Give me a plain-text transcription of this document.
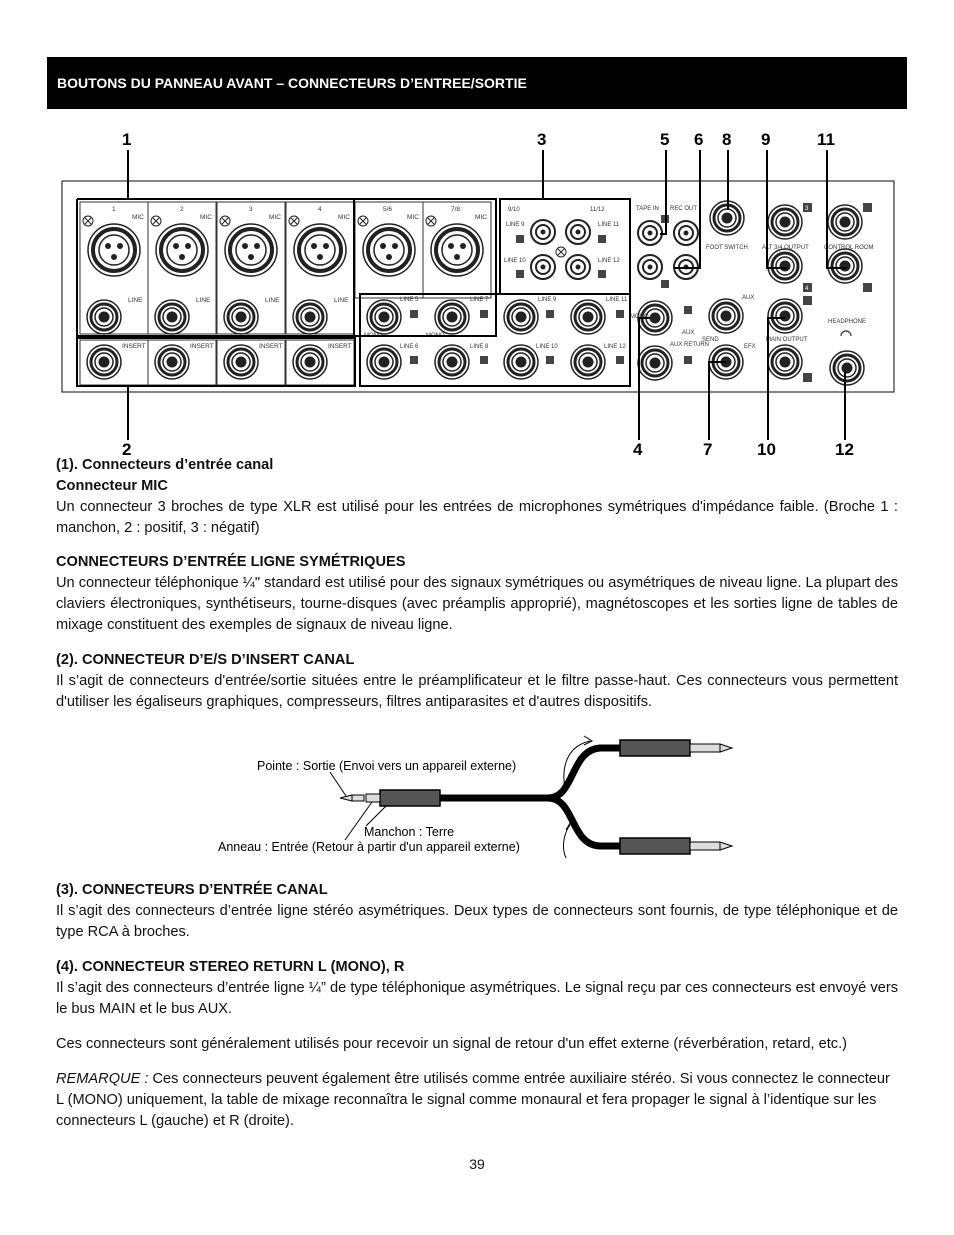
BOUTONS DU PANNEAU AVANT – CONNECTEURS D’ENTREE/SORTIE
1
MIC
LINE
2
MIC
LINE
3
MIC
LINE
4
MIC
LINE
5/6
MIC
7/8
MIC
INSERT	INSERT	INSERT	INSERT
9/10	11/12
LINE 9
LINE 10
LINE 11
LINE 12
LINE 5	LINE 7	LINE 9	LINE 11
MONO	MONO
LINE 6	LINE 8	LINE 10	LINE 12
TAPE IN REC OUT
FOOT SWITCH ALT 3/4 OUTPUT
3
4
CONTROL ROOM
MONO
AUX
AUX RETURN
AUX
SEND
EFX
MAIN OUTPUT
HEADPHONE
1	3	5 6 8 9	11
2	4	7	10	12
(1). Connecteurs d’entrée canal
Connecteur MIC

Un connecteur 3 broches de type XLR est utilisé pour les entrées de microphones symétriques d'impédance faible. (Broche 1 : manchon, 2 : positif, 3 : négatif)

CONNECTEURS D’ENTRÉE LIGNE SYMÉTRIQUES

Un connecteur téléphonique ¼" standard est utilisé pour des signaux symétriques ou asymétriques de niveau ligne. La plupart des claviers électroniques, synthétiseurs, tourne-disques (avec préamplis approprié), magnétoscopes et les sorties ligne de tables de mixage constituent des exemples de signaux de niveau ligne.

(2). CONNECTEUR D’E/S D’INSERT CANAL

Il s’agit de connecteurs d'entrée/sortie situées entre le préamplificateur et le filtre passe-haut. Ces connecteurs vous permettent d'utiliser les égaliseurs graphiques, compresseurs, filtres antiparasites et d'autres dispositifs.

Pointe : Sortie (Envoi vers un appareil externe)
Manchon : Terre
Anneau : Entrée (Retour à partir d'un appareil externe)
(3). CONNECTEURS D’ENTRÉE CANAL

Il s’agit des connecteurs d’entrée ligne stéréo asymétriques. Deux types de connecteurs sont fournis, de type téléphonique et de type RCA à broches.

(4). CONNECTEUR STEREO RETURN L (MONO), R

Il s’agit des connecteurs d’entrée ligne ¼” de type téléphonique asymétriques. Le signal reçu par ces connecteurs est envoyé vers le bus MAIN et le bus AUX.

Ces connecteurs sont généralement utilisés pour recevoir un signal de retour d'un effet externe (réverbération, retard, etc.)

REMARQUE : Ces connecteurs peuvent également être utilisés comme entrée auxiliaire stéréo. Si vous connectez le connecteur L (MONO) uniquement, la table de mixage reconnaîtra le signal comme monaural et fera propager le signal à l’identique sur les connecteurs L (gauche) et R (droite).

39
